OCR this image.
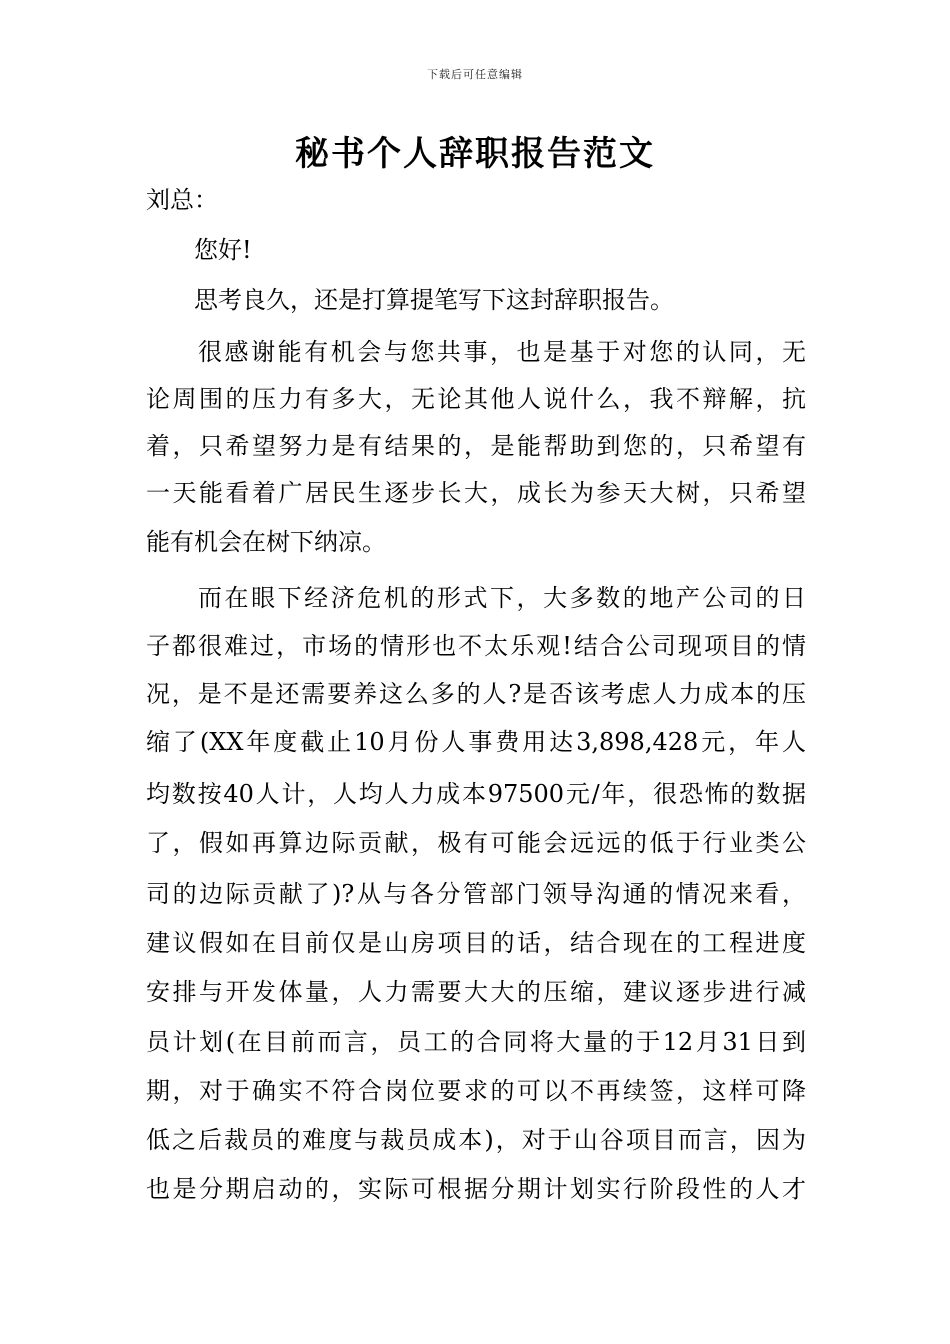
下载后可任意编辑
秘书个人辞职报告范文
刘总：
您好!
思考良久，还是打算提笔写下这封辞职报告。
很感谢能有机会与您共事，也是基于对您的认同，无
论周围的压力有多大，无论其他人说什么，我不辩解，抗
着，只希望努力是有结果的，是能帮助到您的，只希望有
一天能看着广居民生逐步长大，成长为参天大树，只希望
能有机会在树下纳凉。
而在眼下经济危机的形式下，大多数的地产公司的日
子都很难过，市场的情形也不太乐观!结合公司现项目的情
况，是不是还需要养这么多的人?是否该考虑人力成本的压
缩了(XX年度截止10月份人事费用达3,898,428元，年人
均数按40人计，人均人力成本97500元/年，很恐怖的数据
了，假如再算边际贡献，极有可能会远远的低于行业类公
司的边际贡献了)?从与各分管部门领导沟通的情况来看，
建议假如在目前仅是山房项目的话，结合现在的工程进度
安排与开发体量，人力需要大大的压缩，建议逐步进行减
员计划(在目前而言，员工的合同将大量的于12月31日到
期，对于确实不符合岗位要求的可以不再续签，这样可降
低之后裁员的难度与裁员成本)，对于山谷项目而言，因为
也是分期启动的，实际可根据分期计划实行阶段性的人才
